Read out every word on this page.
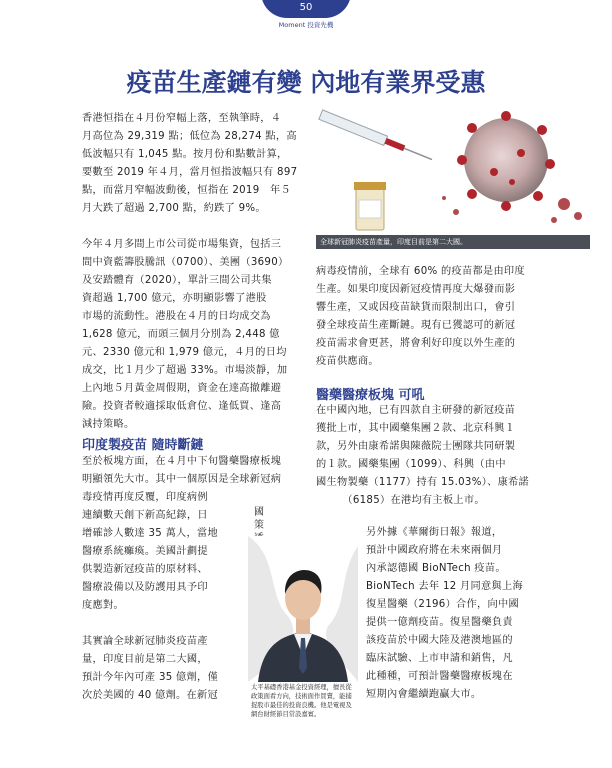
50
Moment 投資先機
疫苗生產鏈有變 內地有業界受惠
香港恒指在４月份窄幅上落，至執筆時，４
月高位為 29,319 點；低位為 28,274 點，高
低波幅只有 1,045 點。按月份和點數計算，
要數至 2019 年４月，當月恒指波幅只有 897
點，而當月窄幅波動後，恒指在 2019　年５
月大跌了超過 2,700 點，約跌了 9%。
今年４月多間上市公司從市場集資，包括三
間中資藍籌股騰訊（0700）、美團（3690）
及安踏體育（2020），單計三間公司共集
資超過 1,700 億元，亦明顯影響了港股
市場的流動性。港股在４月的日均成交為
1,628 億元，而頭三個月分別為 2,448 億
元、2330 億元和 1,979 億元，４月的日均
成交，比１月少了超過 33%。市場淡靜，加
上內地５月黃金周假期，資金在達高撤離避
險。投資者較適採取低倉位、逢低買、逢高
減持策略。
印度製疫苗 隨時斷鏈
至於板塊方面，在４月中下旬醫藥醫療板塊
明顯領先大市。其中一個原因是全球新冠病
毒疫情再度反覆，印度病例
連續數天創下新高紀錄，日
增確診人數達 35 萬人，當地
醫療系統癱瘓。美國計劃提
供製造新冠疫苗的原材料、
醫療設備以及防護用具予印
度應對。
其實論全球新冠肺炎疫苗產
量，印度目前是第二大國，
預計今年內可產 35 億劑，僅
次於美國的 40 億劑。在新冠
全球新冠肺炎疫苗產量，印度目前是第二大國。
病毒疫情前，全球有 60% 的疫苗都是由印度
生產。如果印度因新冠疫情再度大爆發而影
響生產，又或因疫苗缺貨而限制出口，會引
發全球疫苗生產斷鏈。現有已獲認可的新冠
疫苗需求會更甚，將會利好印度以外生產的
疫苗供應商。
醫藥醫療板塊 可吼
在中國內地，已有四款自主研發的新冠疫苗
獲批上市，其中國藥集團２款、北京科興１
款，另外由康希諾與陳薇院士團隊共同研製
的１款。國藥集團（1099）、科興（由中
國生物製藥（1177）持有 15.03%）、康希諾
　　　（6185）在港均有主板上市。
另外據《華爾街日報》報道，
預計中國政府將在未來兩個月
內承認德國 BioNTech 疫苗。
BioNTech 去年 12 月同意與上海
復星醫藥（2196）合作，向中國
提供一億劑疫苗。復星醫藥負責
該疫苗於中國大陸及港澳地區的
臨床試驗、上市申請和銷售，凡
此種種，可預計醫藥醫療板塊在
短期內會繼續跑贏大市。
國策
太平基礎香港基金投資經理，擅長從政策面看方向，技術面作買賣，能捕捉股市最佳的投資良機。他是電視及網台財經節目常設嘉賓。
